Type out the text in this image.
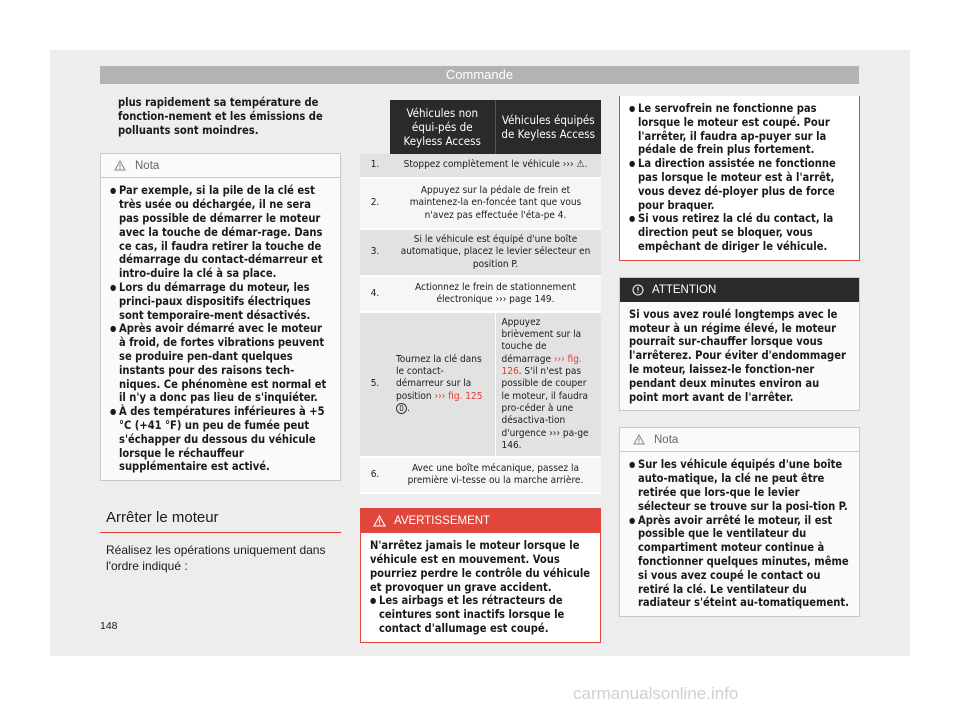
Commande
plus rapidement sa température de fonction-nement et les émissions de polluants sont moindres.
Nota
● Par exemple, si la pile de la clé est très usée ou déchargée, il ne sera pas possible de démarrer le moteur avec la touche de démar-rage. Dans ce cas, il faudra retirer la touche de démarrage du contact-démarreur et intro-duire la clé à sa place.
● Lors du démarrage du moteur, les princi-paux dispositifs électriques sont temporaire-ment désactivés.
● Après avoir démarré avec le moteur à froid, de fortes vibrations peuvent se produire pen-dant quelques instants pour des raisons tech-niques. Ce phénomène est normal et il n'y a donc pas lieu de s'inquiéter.
● À des températures inférieures à +5 °C (+41 °F) un peu de fumée peut s'échapper du dessous du véhicule lorsque le réchauffeur supplémentaire est activé.
Arrêter le moteur
Réalisez les opérations uniquement dans l'ordre indiqué :
	Véhicules non équi-pés de Keyless Access	Véhicules équipés de Keyless Access
1.	Stoppez complètement le véhicule ››› ⚠.	
2.	Appuyez sur la pédale de frein et maintenez-la en-foncée tant que vous n'avez pas effectuée l'éta-pe 4.	
3.	Si le véhicule est équipé d'une boîte automatique, placez le levier sélecteur en position P.	
4.	Actionnez le frein de stationnement électronique ››› page 149.	
5.	Tournez la clé dans le contact-démarreur sur la position ››› fig. 125 0 .	Appuyez brièvement sur la touche de démarrage ››› fig. 126. S'il n'est pas possible de couper le moteur, il faudra pro-céder à une désactiva-tion d'urgence ››› pa-ge 146.
6.	Avec une boîte mécanique, passez la première vi-tesse ou la marche arrière.	
AVERTISSEMENT
N'arrêtez jamais le moteur lorsque le véhicule est en mouvement. Vous pourriez perdre le contrôle du véhicule et provoquer un grave accident.
● Les airbags et les rétracteurs de ceintures sont inactifs lorsque le contact d'allumage est coupé.
● Le servofrein ne fonctionne pas lorsque le moteur est coupé. Pour l'arrêter, il faudra ap-puyer sur la pédale de frein plus fortement.
● La direction assistée ne fonctionne pas lorsque le moteur est à l'arrêt, vous devez dé-ployer plus de force pour braquer.
● Si vous retirez la clé du contact, la direction peut se bloquer, vous empêchant de diriger le véhicule.
ATTENTION
Si vous avez roulé longtemps avec le moteur à un régime élevé, le moteur pourrait sur-chauffer lorsque vous l'arrêterez. Pour éviter d'endommager le moteur, laissez-le fonction-ner pendant deux minutes environ au point mort avant de l'arrêter.
Nota
● Sur les véhicule équipés d'une boîte auto-matique, la clé ne peut être retirée que lors-que le levier sélecteur se trouve sur la posi-tion P.
● Après avoir arrêté le moteur, il est possible que le ventilateur du compartiment moteur continue à fonctionner quelques minutes, même si vous avez coupé le contact ou retiré la clé. Le ventilateur du radiateur s'éteint au-tomatiquement.
148
carmanualsonline.info
